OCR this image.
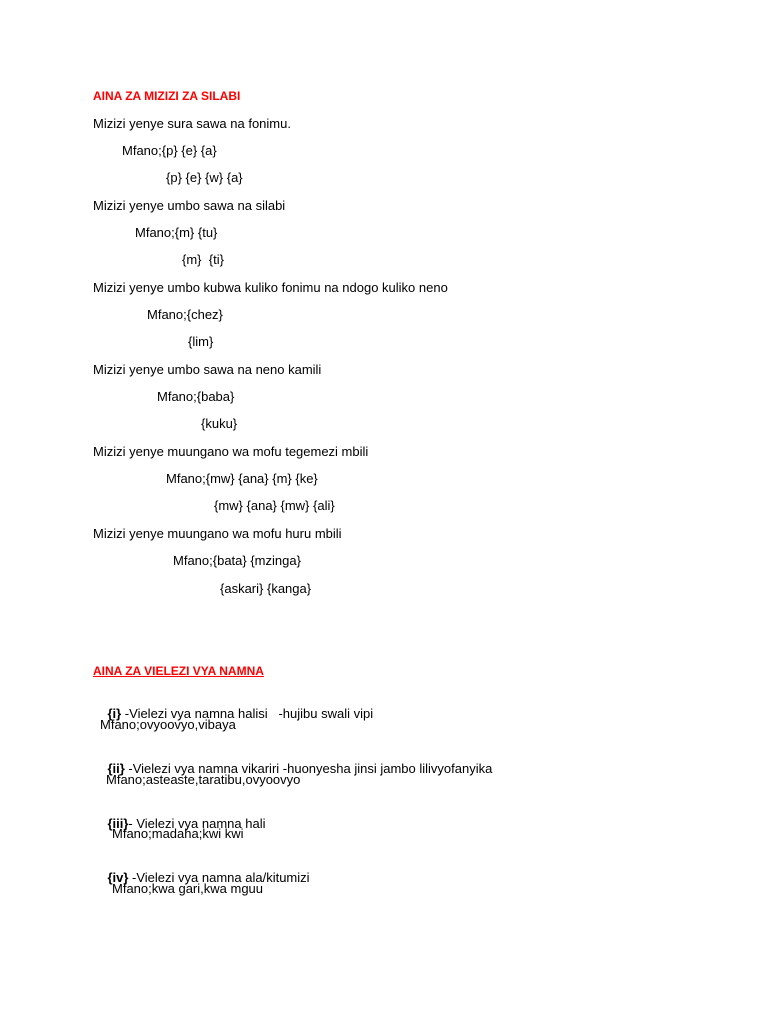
AINA ZA MIZIZI ZA SILABI
Mizizi yenye sura sawa na fonimu.
Mfano;{p} {e} {a}
{p} {e} {w} {a}
Mizizi yenye umbo sawa na silabi
Mfano;{m} {tu}
{m}  {ti}
Mizizi yenye umbo kubwa kuliko fonimu na ndogo kuliko neno
Mfano;{chez}
{lim}
Mizizi yenye umbo sawa na neno kamili
Mfano;{baba}
{kuku}
Mizizi yenye muungano wa mofu tegemezi mbili
Mfano;{mw} {ana} {m} {ke}
{mw} {ana} {mw} {ali}
Mizizi yenye muungano wa mofu huru mbili
Mfano;{bata} {mzinga}
{askari} {kanga}
AINA ZA VIELEZI VYA NAMNA

{i} -Vielezi vya namna halisi   -hujibu swali vipi

Mfano;ovyoovyo,vibaya

{ii} -Vielezi vya namna vikariri -huonyesha jinsi jambo lilivyofanyika

Mfano;asteaste,taratibu,ovyoovyo

{iii}- Vielezi vya namna hali

Mfano;madaha;kwi kwi

{iv} -Vielezi vya namna ala/kitumizi

Mfano;kwa gari,kwa mguu
